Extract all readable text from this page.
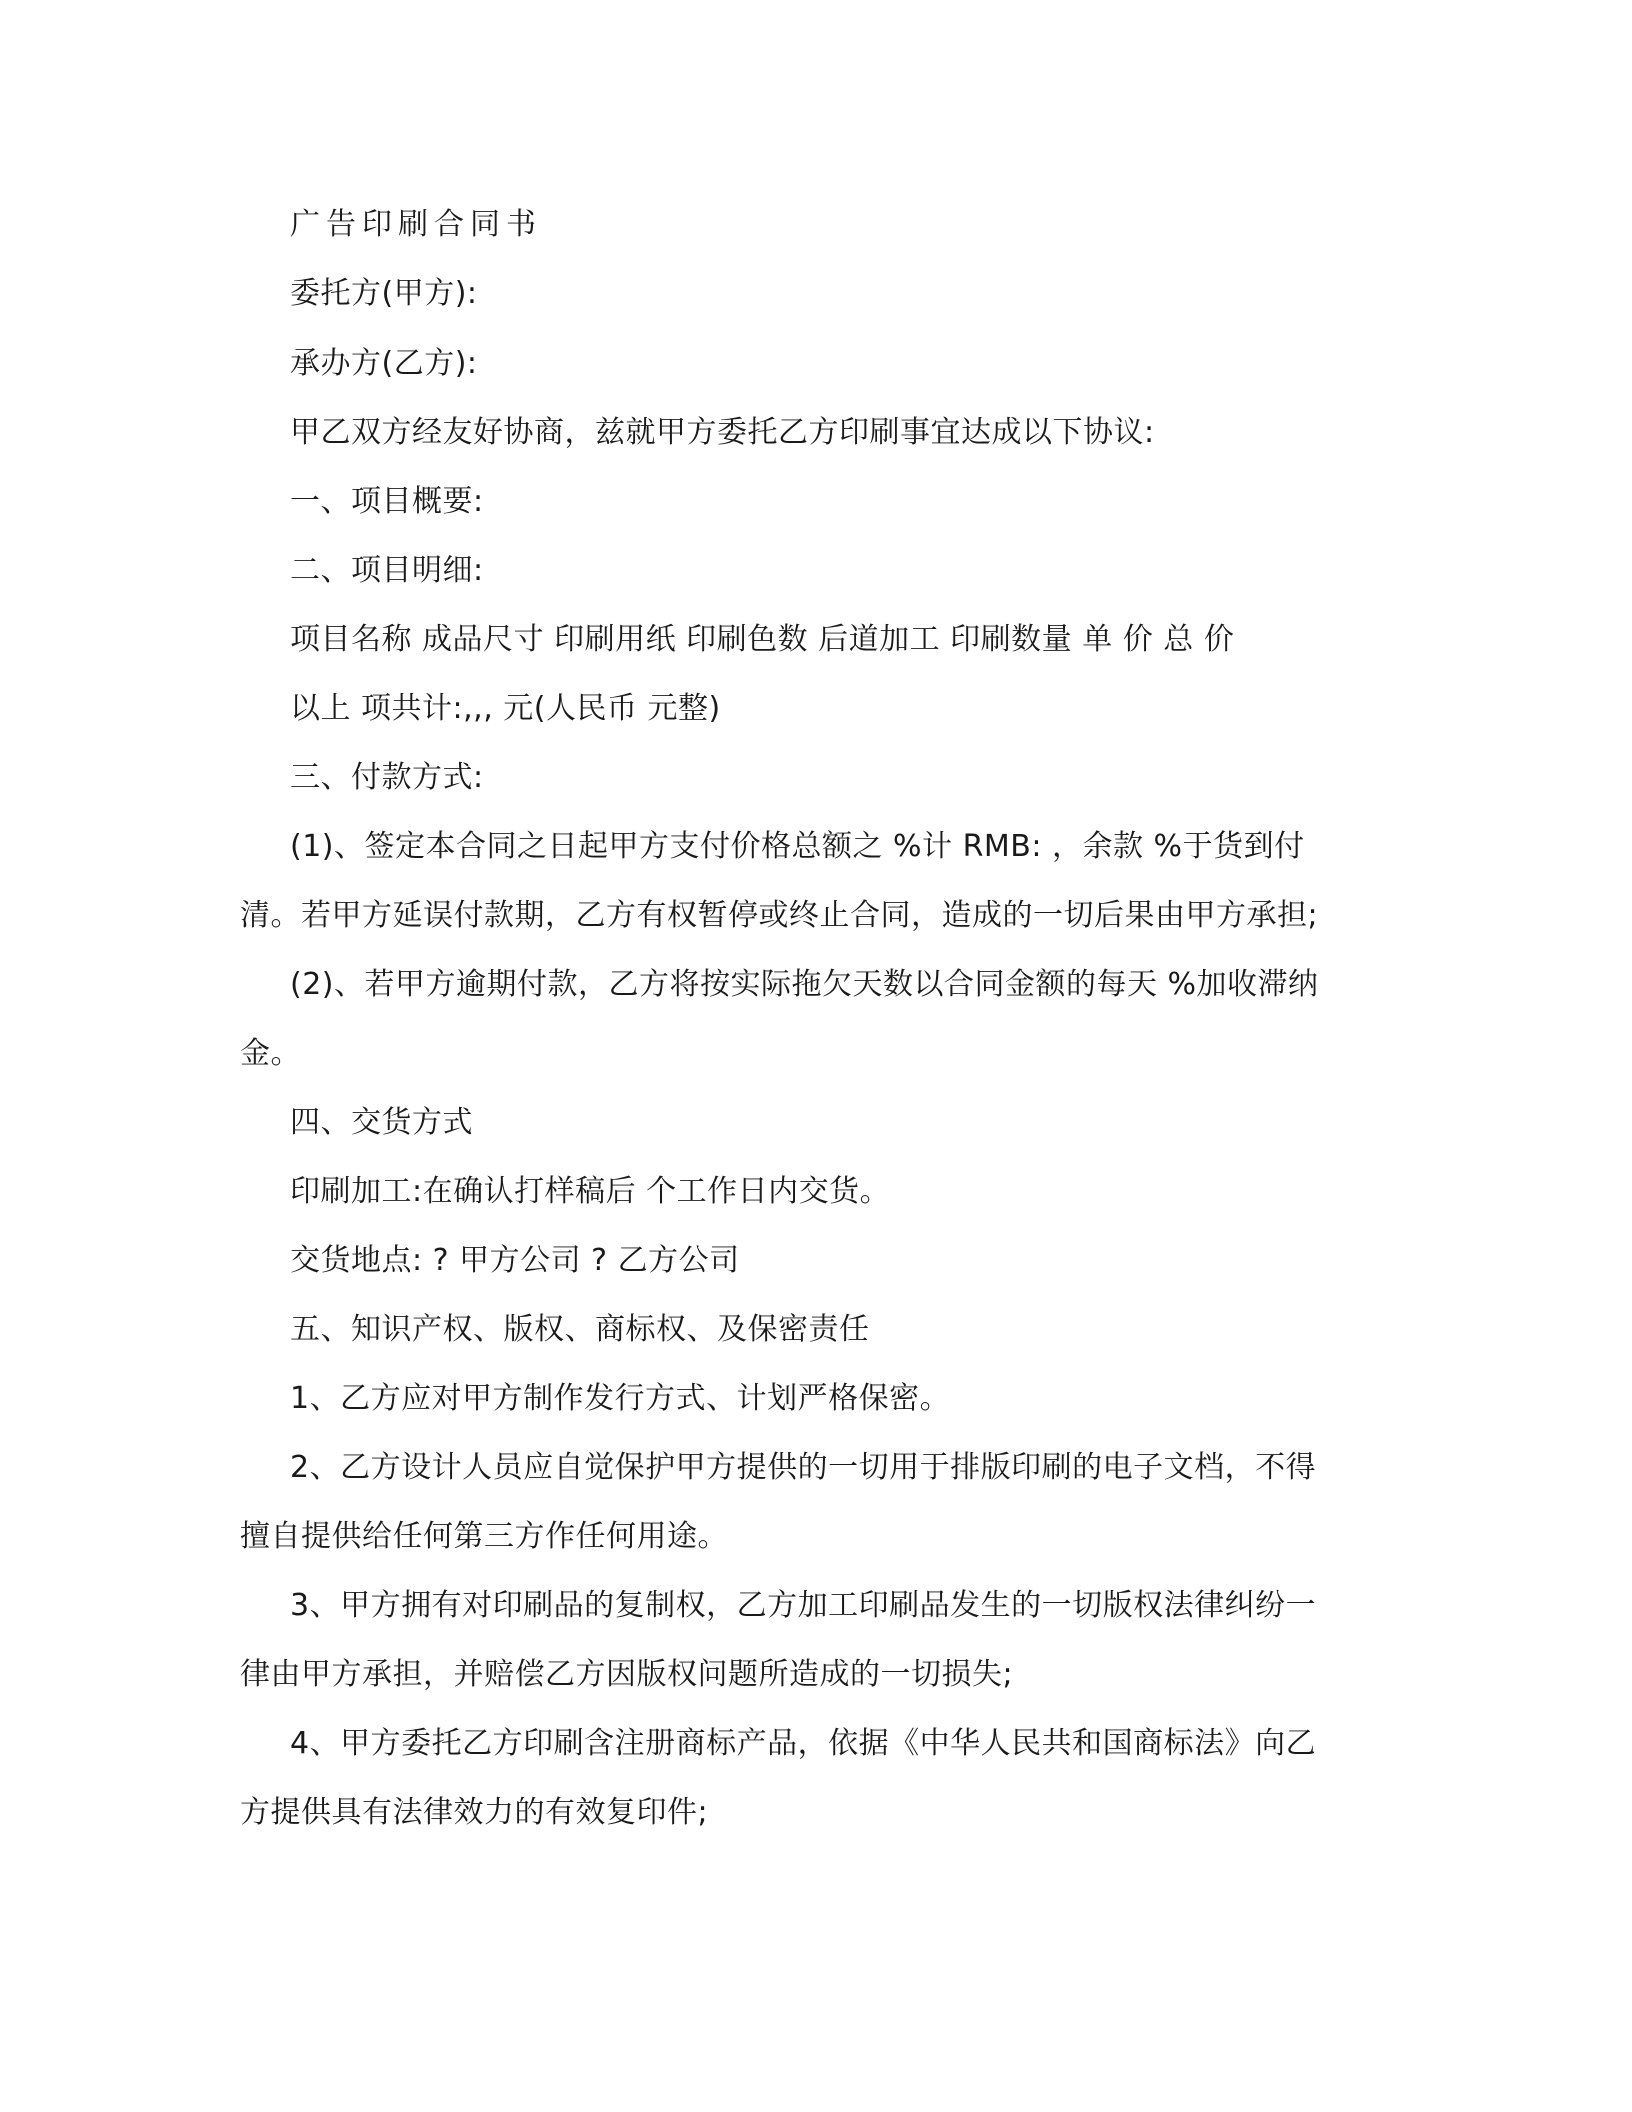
广告印刷合同书
委托方(甲方):
承办方(乙方):
甲乙双方经友好协商，兹就甲方委托乙方印刷事宜达成以下协议:
一、项目概要:
二、项目明细:
项目名称 成品尺寸 印刷用纸 印刷色数 后道加工 印刷数量 单 价 总 价
以上 项共计:,,, 元(人民币 元整)
三、付款方式:
(1)、签定本合同之日起甲方支付价格总额之 %计 RMB: ，余款 %于货到付
清。若甲方延误付款期，乙方有权暂停或终止合同，造成的一切后果由甲方承担;
(2)、若甲方逾期付款，乙方将按实际拖欠天数以合同金额的每天 %加收滞纳
金。
四、交货方式
印刷加工:在确认打样稿后 个工作日内交货。
交货地点: ? 甲方公司 ? 乙方公司
五、知识产权、版权、商标权、及保密责任
1、乙方应对甲方制作发行方式、计划严格保密。
2、乙方设计人员应自觉保护甲方提供的一切用于排版印刷的电子文档，不得
擅自提供给任何第三方作任何用途。
3、甲方拥有对印刷品的复制权，乙方加工印刷品发生的一切版权法律纠纷一
律由甲方承担，并赔偿乙方因版权问题所造成的一切损失;
4、甲方委托乙方印刷含注册商标产品，依据《中华人民共和国商标法》向乙
方提供具有法律效力的有效复印件;
